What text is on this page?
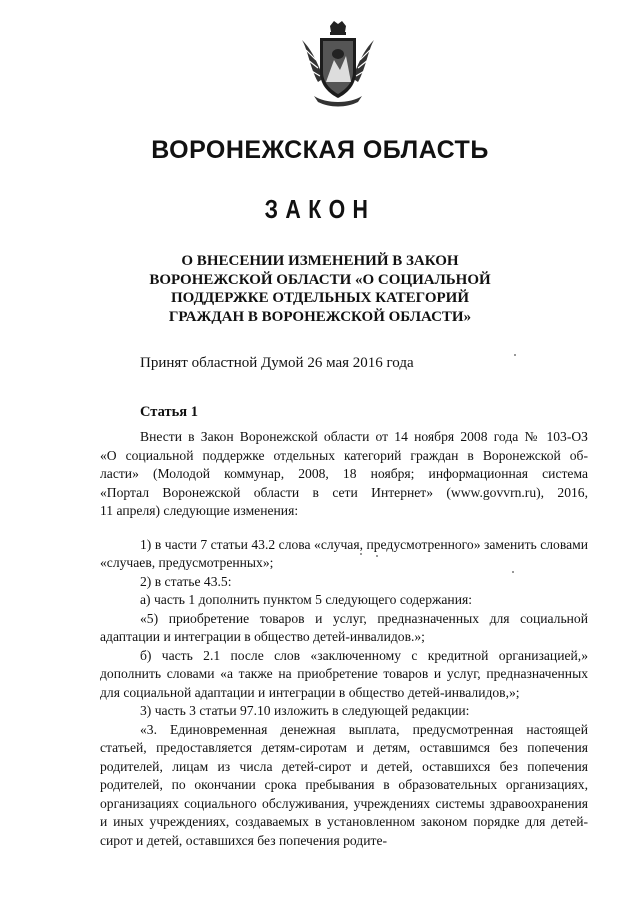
ВОРОНЕЖСКАЯ ОБЛАСТЬ
ЗАКОН
О ВНЕСЕНИИ ИЗМЕНЕНИЙ В ЗАКОН
ВОРОНЕЖСКОЙ ОБЛАСТИ «О СОЦИАЛЬНОЙ
ПОДДЕРЖКЕ ОТДЕЛЬНЫХ КАТЕГОРИЙ
ГРАЖДАН В ВОРОНЕЖСКОЙ ОБЛАСТИ»
Принят областной Думой 26 мая 2016 года
Статья 1
Внести в Закон Воронежской области от 14 ноября 2008 года № 103-ОЗ
«О социальной поддержке отдельных категорий граждан в Воронежской об-
ласти» (Молодой коммунар, 2008, 18 ноября; информационная система
«Портал Воронежской области в сети Интернет» (www.govvrn.ru), 2016,
11 апреля) следующие изменения:
1) в части 7 статьи 43.2 слова «случая, предусмотренного» заменить словами «случаев, предусмотренных»;
2) в статье 43.5:
а) часть 1 дополнить пунктом 5 следующего содержания:
«5) приобретение товаров и услуг, предназначенных для социальной адаптации и интеграции в общество детей-инвалидов.»;
б) часть 2.1 после слов «заключенному с кредитной организацией,» дополнить словами «а также на приобретение товаров и услуг, предназначенных для социальной адаптации и интеграции в общество детей-инвалидов,»;
3) часть 3 статьи 97.10 изложить в следующей редакции:
«3. Единовременная денежная выплата, предусмотренная настоящей статьей, предоставляется детям-сиротам и детям, оставшимся без попечения родителей, лицам из числа детей-сирот и детей, оставшихся без попечения родителей, по окончании срока пребывания в образовательных организациях, организациях социального обслуживания, учреждениях системы здравоохранения и иных учреждениях, создаваемых в установленном законом порядке для детей-сирот и детей, оставшихся без попечения родите-
